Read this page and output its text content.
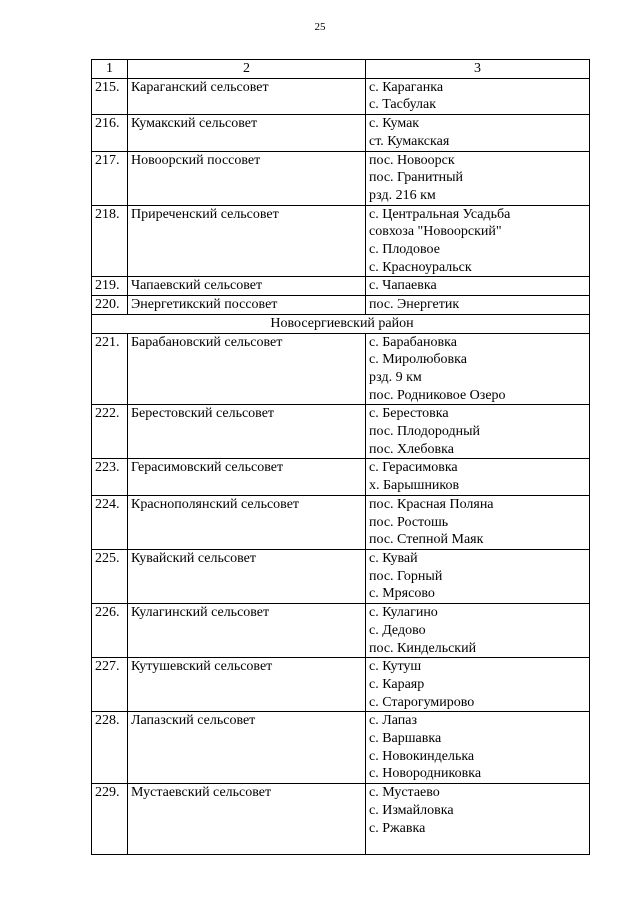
25
1	2	3
215.	Караганский сельсовет	с. Караганка
с. Тасбулак

216.	Кумакский сельсовет	с. Кумак
ст. Кумакская

217.	Новоорский поссовет	пос. Новоорск
пос. Гранитный
рзд. 216 км

218.	Приреченский сельсовет	с. Центральная Усадьба
совхоза "Новоорский"
с. Плодовое
с. Красноуральск

219.	Чапаевский сельсовет	с. Чапаевка

220.	Энергетикский поссовет	пос. Энергетик

Новосергиевский район		
221.	Барабановский сельсовет	с. Барабановка
с. Миролюбовка
рзд. 9 км
пос. Родниковое Озеро

222.	Берестовский сельсовет	с. Берестовка
пос. Плодородный
пос. Хлебовка

223.	Герасимовский сельсовет	с. Герасимовка
х. Барышников

224.	Краснополянский сельсовет	пос. Красная Поляна
пос. Ростошь
пос. Степной Маяк

225.	Кувайский сельсовет	с. Кувай
пос. Горный
с. Мрясово

226.	Кулагинский сельсовет	с. Кулагино
с. Дедово
пос. Киндельский

227.	Кутушевский сельсовет	с. Кутуш
с. Караяр
с. Старогумирово

228.	Лапазский сельсовет	с. Лапаз
с. Варшавка
с. Новокинделька
с. Новородниковка

229.	Мустаевский сельсовет	с. Мустаево
с. Измайловка
с. Ржавка
